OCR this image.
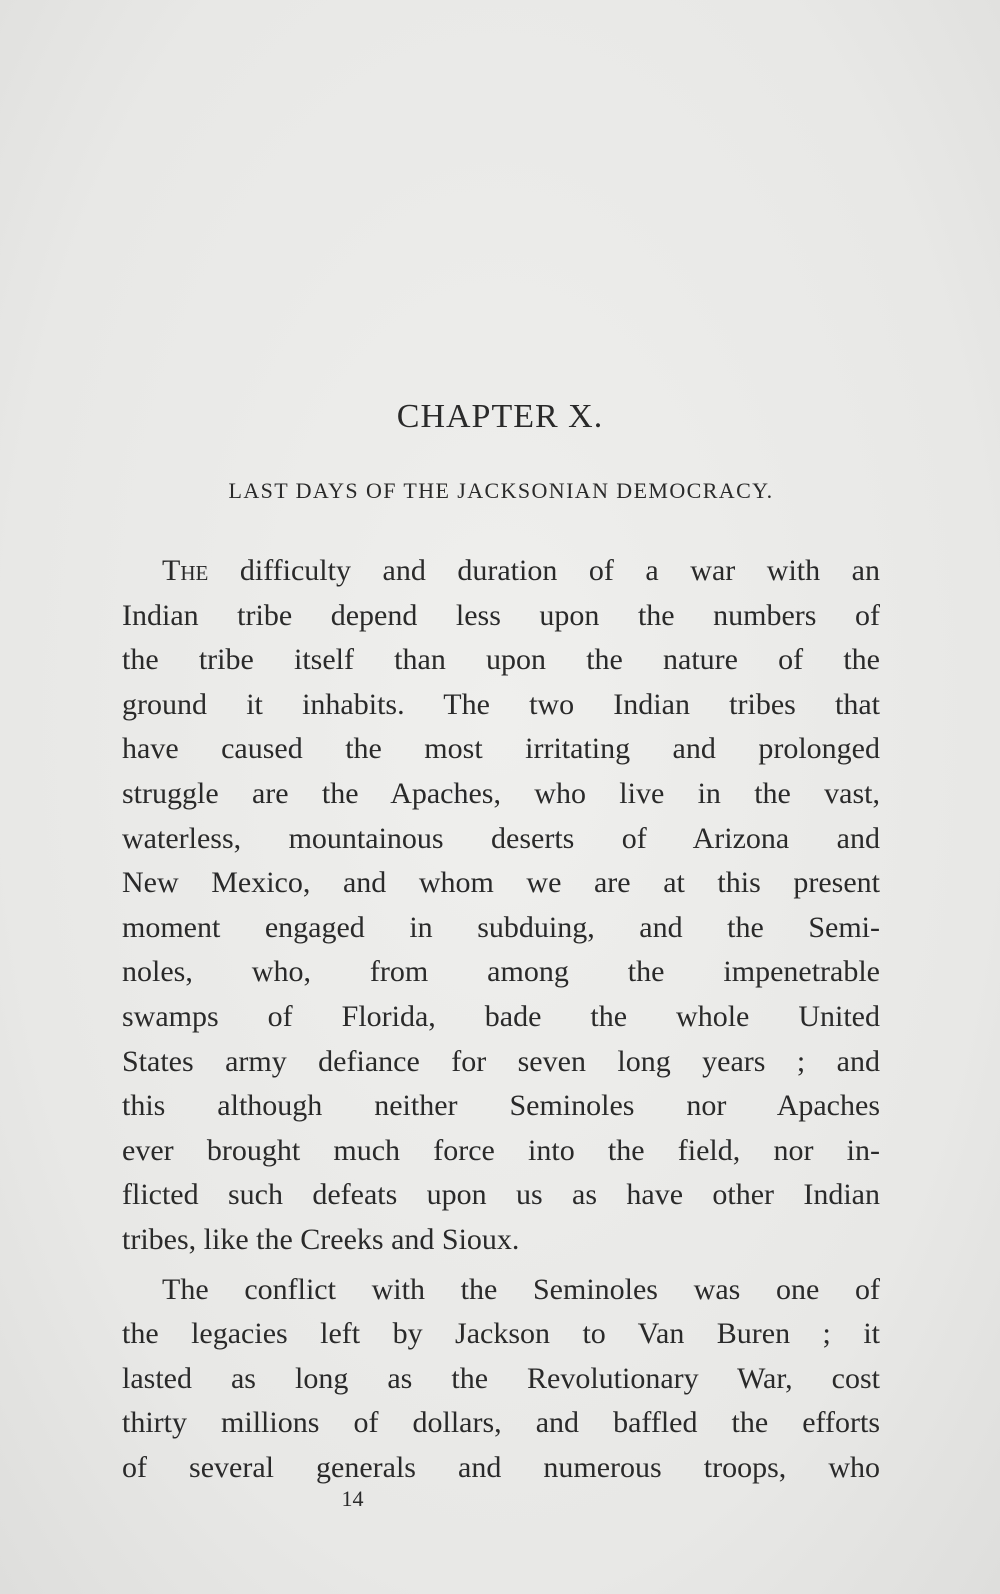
CHAPTER X.
LAST DAYS OF THE JACKSONIAN DEMOCRACY.
The difficulty and duration of a war with an
Indian tribe depend less upon the numbers of
the tribe itself than upon the nature of the
ground it inhabits. The two Indian tribes that
have caused the most irritating and prolonged
struggle are the Apaches, who live in the vast,
waterless, mountainous deserts of Arizona and
New Mexico, and whom we are at this present
moment engaged in subduing, and the Semi-
noles, who, from among the impenetrable
swamps of Florida, bade the whole United
States army defiance for seven long years ; and
this although neither Seminoles nor Apaches
ever brought much force into the field, nor in-
flicted such defeats upon us as have other Indian
tribes, like the Creeks and Sioux.
The conflict with the Seminoles was one of
the legacies left by Jackson to Van Buren ; it
lasted as long as the Revolutionary War, cost
thirty millions of dollars, and baffled the efforts
of several generals and numerous troops, who
14
